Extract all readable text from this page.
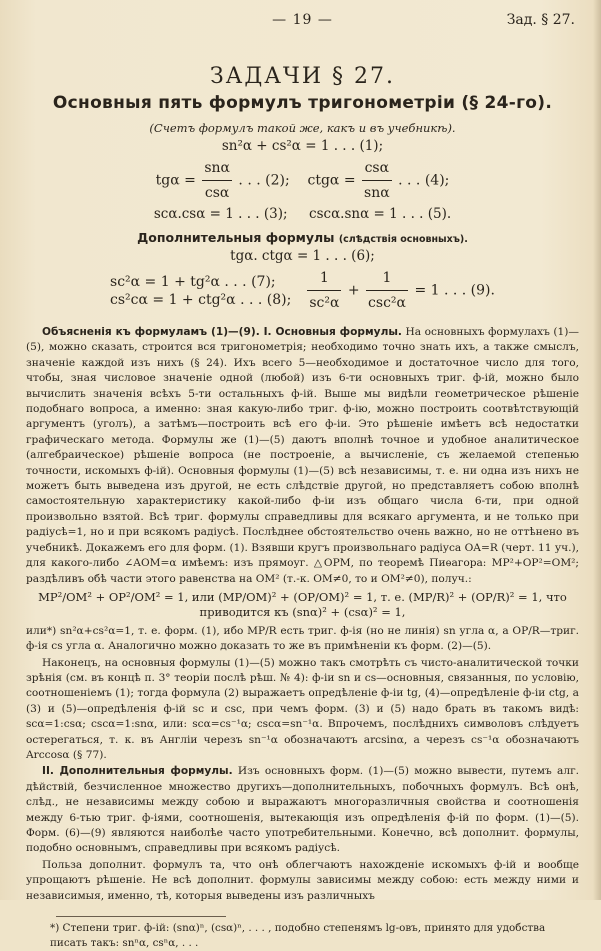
— 19 —	Зад. § 27.
ЗАДАЧИ § 27.
Основныя пять формулъ тригонометріи (§ 24-го).
(Счетъ формулъ такой же, какъ и въ учебникѣ).
sn²α + cs²α = 1 . . . (1);
$tg\alpha = \frac{\text{snα}}{\text{csα}}$ . . . (2); $ctg\alpha = \frac{\text{csα}}{\text{snα}}$ . . . (4);
scα.csα = 1 . . . (3); cscα.snα = 1 . . . (5).
Дополнительныя формулы (слѣдствія основныхъ).
tgα. ctgα = 1 . . . (6);
sc²α = 1 + tg²α . . . (7);
cs²cα = 1 + ctg²α . . . (8); $\frac{1}{\text{sc²α}} + \frac{1}{\text{csc²α}} = 1$ . . . (9).

Объясненія къ формуламъ (1)—(9). I. Основныя формулы. На основныхъ формулахъ (1)—(5), можно сказать, строится вся тригонометрія; необходимо точно знать ихъ, а также смыслъ, значеніе каждой изъ нихъ (§ 24). Ихъ всего 5—необходимое и достаточное число для того, чтобы, зная числовое значеніе одной (любой) изъ 6-ти основныхъ триг. ф-ій, можно было вычислить значенія всѣхъ 5-ти остальныхъ ф-ій. Выше мы видѣли геометрическое рѣшеніе подобнаго вопроса, а именно: зная какую-либо триг. ф-ію, можно построить соотвѣтствующій аргументъ (уголъ), а затѣмъ—построить всѣ его ф-іи. Это рѣшеніе имѣетъ всѣ недостатки графическаго метода. Формулы же (1)—(5) даютъ вполнѣ точное и удобное аналитическое (алгебраическое) рѣшеніе вопроса (не построеніе, а вычисленіе, съ желаемой степенью точности, искомыхъ ф-ій). Основныя формулы (1)—(5) всѣ независимы, т. е. ни одна изъ нихъ не можетъ быть выведена изъ другой, не есть слѣдствіе другой, но представляетъ собою вполнѣ самостоятельную характеристику какой-либо ф-іи изъ общаго числа 6-ти, при одной произвольно взятой. Всѣ триг. формулы справедливы для всякаго аргумента, и не только при радіусѣ=1, но и при всякомъ радіусѣ. Послѣднее обстоятельство очень важно, но не оттѣнено въ учебникѣ. Докажемъ его для форм. (1). Взявши кругъ произвольнаго радіуса OA=R (черт. 11 уч.), для какого-либо ∠AOM=α имѣемъ: изъ прямоуг. △OPM, по теоремѣ Пиѳагора: MP²+OP²=OM²; раздѣливъ обѣ части этого равенства на OM² (т.-к. OM≠0, то и OM²≠0), получ.:

MP²/OM² + OP²/OM² = 1, или (MP/OM)² + (OP/OM)² = 1, т. е. (MP/R)² + (OP/R)² = 1, что приводится къ (snα)² + (csα)² = 1,

или*) sn²α+cs²α=1, т. е. форм. (1), ибо MP/R есть триг. ф-ія (но не линія) sn угла α, а OP/R—триг. ф-ія cs угла α. Аналогично можно доказать то же въ примѣненіи къ форм. (2)—(5).

Наконецъ, на основныя формулы (1)—(5) можно такъ смотрѣть съ чисто-аналитической точки зрѣнія (см. въ концѣ п. 3° теоріи послѣ рѣш. № 4): ф-іи sn и cs—основныя, связанныя, по условію, соотношеніемъ (1); тогда формула (2) выражаетъ опредѣленіе ф-іи tg, (4)—опредѣленіе ф-іи ctg, а (3) и (5)—опредѣленія ф-ій sc и csc, при чемъ форм. (3) и (5) надо брать въ такомъ видѣ: scα=1:csα; cscα=1:snα, или: scα=cs⁻¹α; cscα=sn⁻¹α. Впрочемъ, послѣднихъ символовъ слѣдуетъ остерегаться, т. к. въ Англіи черезъ sn⁻¹α обозначаютъ arcsinα, а черезъ cs⁻¹α обозначаютъ Arccosα (§ 77).

II. Дополнительныя формулы. Изъ основныхъ форм. (1)—(5) можно вывести, путемъ алг. дѣйствій, безчисленное множество другихъ—дополнительныхъ, побочныхъ формулъ. Всѣ онѣ, слѣд., не независимы между собою и выражаютъ многоразличныя свойства и соотношенія между 6-тью триг. ф-іями, соотношенія, вытекающія изъ опредѣленія ф-ій по форм. (1)—(5). Форм. (6)—(9) являются наиболѣе часто употребительными. Конечно, всѣ дополнит. формулы, подобно основнымъ, справедливы при всякомъ радіусѣ.

Польза дополнит. формулъ та, что онѣ облегчаютъ нахожденіе искомыхъ ф-ій и вообще упрощаютъ рѣшеніе. Не всѣ дополнит. формулы зависимы между собою: есть между ними и независимыя, именно, тѣ, которыя выведены изъ различныхъ

*) Степени триг. ф-ій: (snα)ⁿ, (csα)ⁿ, . . . , подобно степенямъ lg-овъ, принято для удобства писать такъ: snⁿα, csⁿα, . . .
